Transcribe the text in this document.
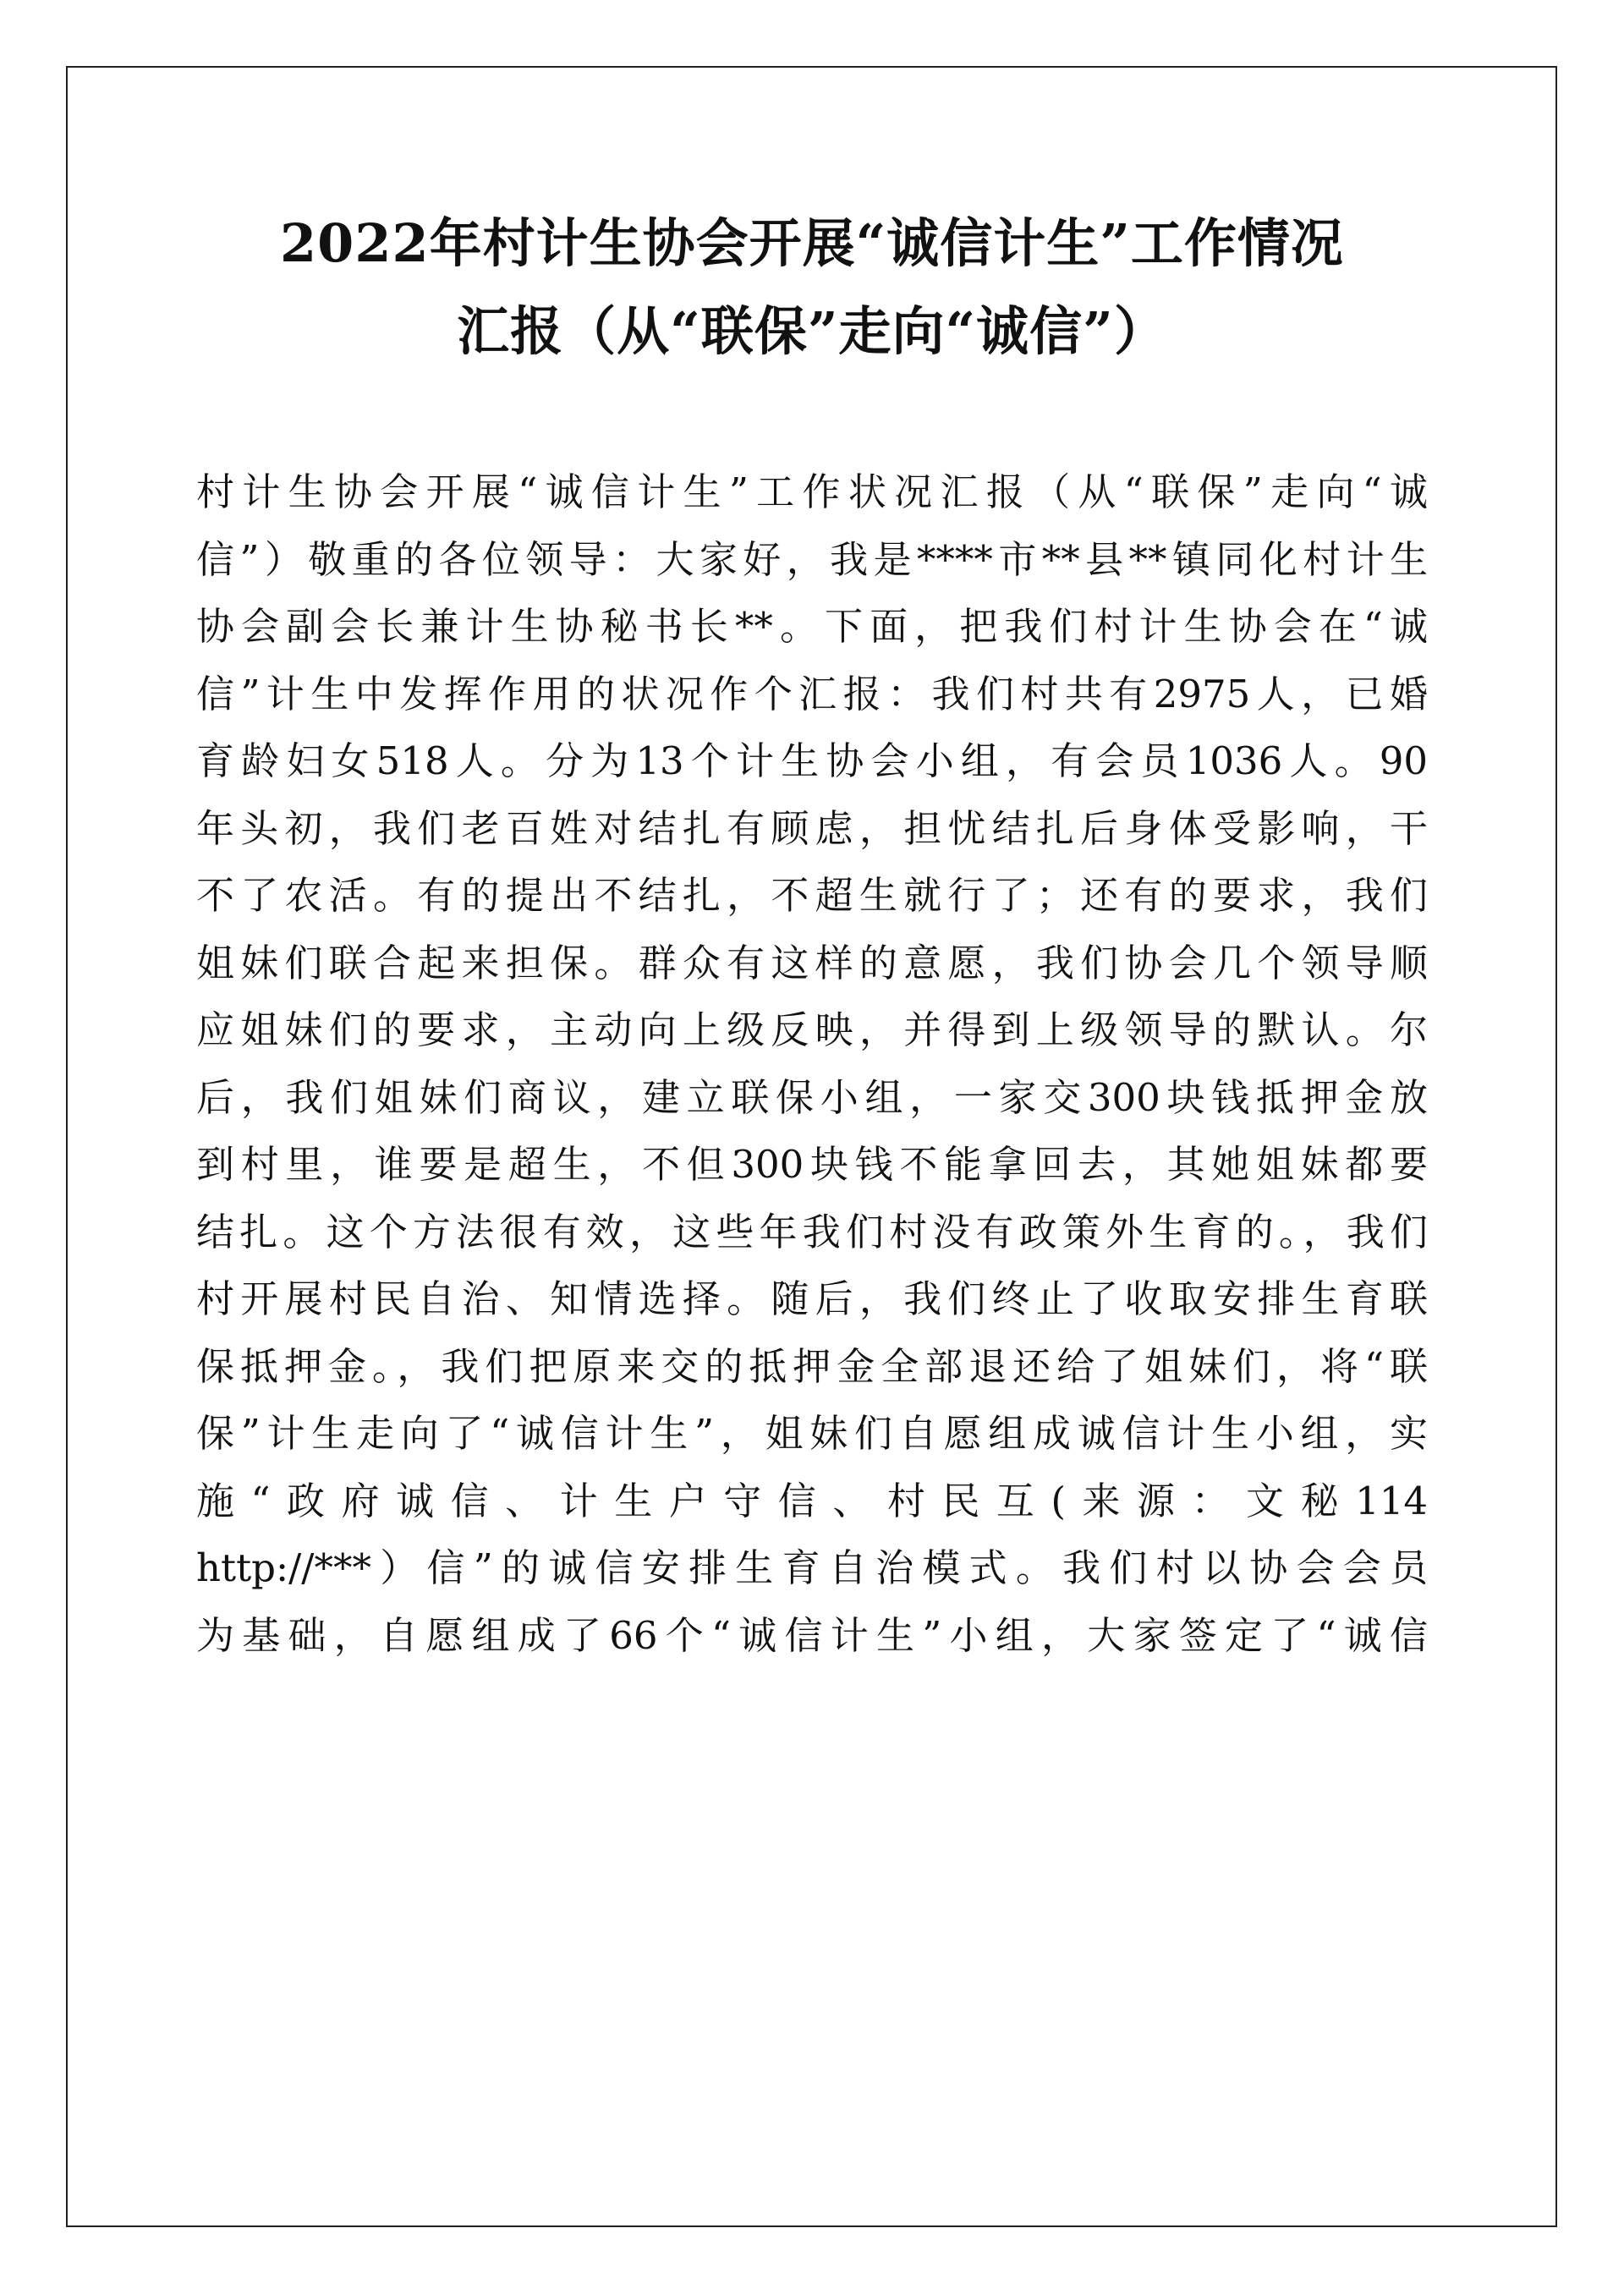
2022年村计生协会开展“诚信计生”工作情况
汇报（从“联保”走向“诚信”）
村计生协会开展“诚信计生”工作状况汇报（从“联保”走向“诚
信”）敬重的各位领导：大家好，我是****市**县**镇同化村计生
协会副会长兼计生协秘书长**。下面，把我们村计生协会在“诚
信”计生中发挥作用的状况作个汇报：我们村共有2975人，已婚
育龄妇女518人。分为13个计生协会小组，有会员1036人。90
年头初，我们老百姓对结扎有顾虑，担忧结扎后身体受影响，干
不了农活。有的提出不结扎，不超生就行了；还有的要求，我们
姐妹们联合起来担保。群众有这样的意愿，我们协会几个领导顺
应姐妹们的要求，主动向上级反映，并得到上级领导的默认。尔
后，我们姐妹们商议，建立联保小组，一家交300块钱抵押金放
到村里，谁要是超生，不但300块钱不能拿回去，其她姐妹都要
结扎。这个方法很有效，这些年我们村没有政策外生育的。，我们
村开展村民自治、知情选择。随后，我们终止了收取安排生育联
保抵押金。，我们把原来交的抵押金全部退还给了姐妹们，将“联
保”计生走向了“诚信计生”，姐妹们自愿组成诚信计生小组，实
施“政府诚信、计生户守信、村民互(来源：文秘114
http://***）信”的诚信安排生育自治模式。我们村以协会会员
为基础，自愿组成了66个“诚信计生”小组，大家签定了“诚信
